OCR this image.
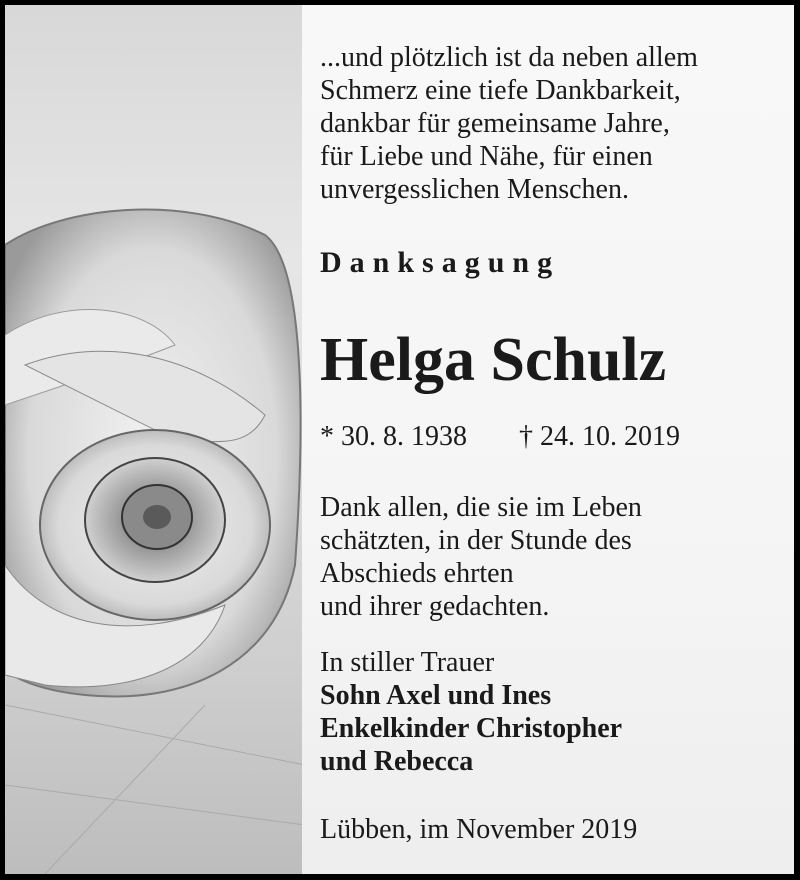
...und plötzlich ist da neben allem
Schmerz eine tiefe Dankbarkeit,
dankbar für gemeinsame Jahre,
für Liebe und Nähe, für einen
unvergesslichen Menschen.
Danksagung
Helga Schulz
* 30. 8. 1938 † 24. 10. 2019
Dank allen, die sie im Leben
schätzten, in der Stunde des
Abschieds ehrten
und ihrer gedachten.
In stiller Trauer
Sohn Axel und Ines
Enkelkinder Christopher
und Rebecca
Lübben, im November 2019
